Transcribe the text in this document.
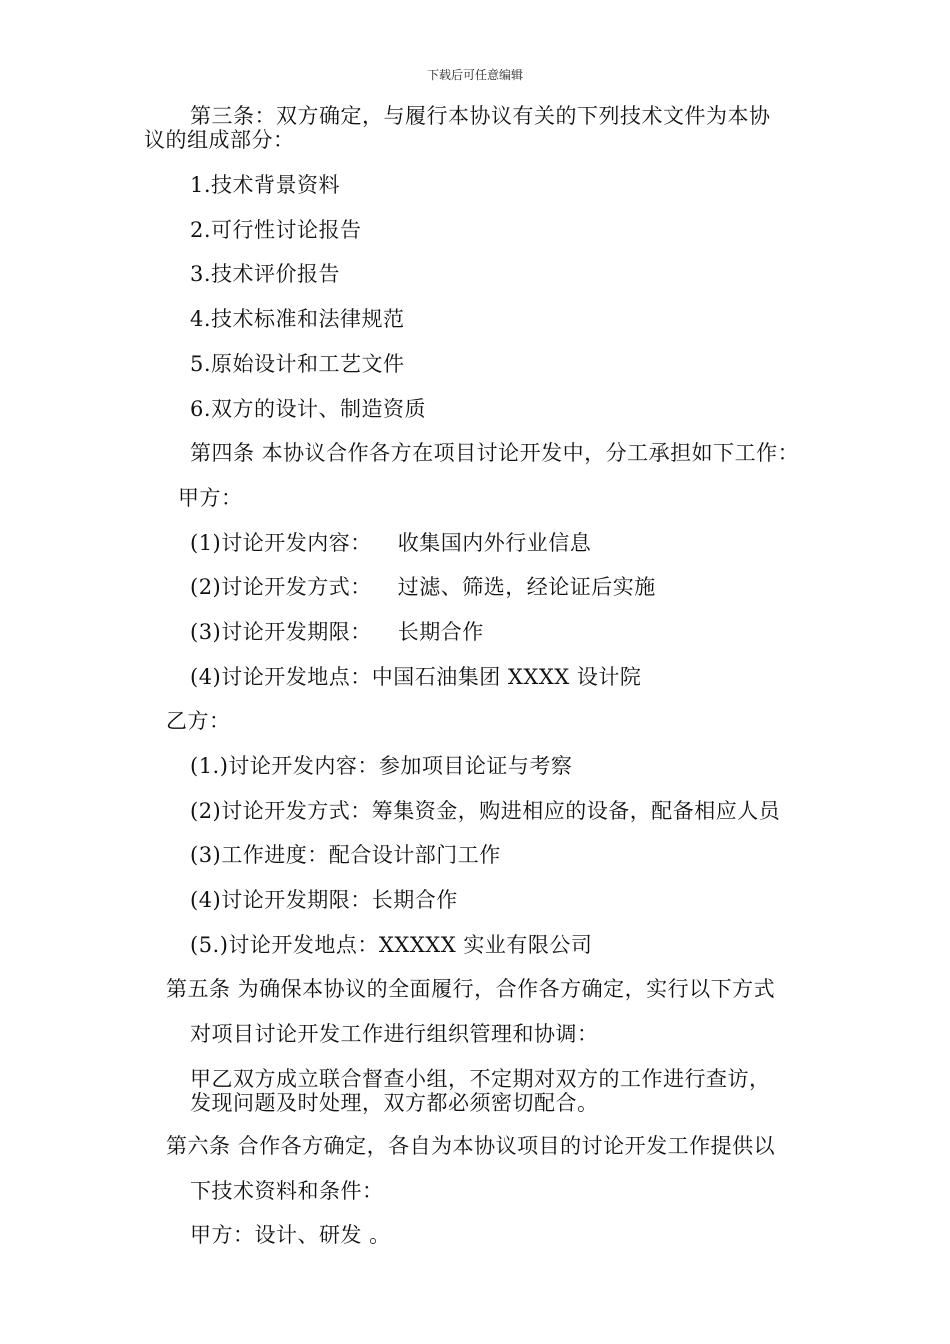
下载后可任意编辑
第三条：双方确定，与履行本协议有关的下列技术文件为本协
议的组成部分：
1.技术背景资料
2.可行性讨论报告
3.技术评价报告
4.技术标准和法律规范
5.原始设计和工艺文件
6.双方的设计、制造资质
第四条 本协议合作各方在项目讨论开发中，分工承担如下工作：
甲方：
(1)讨论开发内容： 收集国内外行业信息
(2)讨论开发方式： 过滤、筛选，经论证后实施
(3)讨论开发期限： 长期合作
(4)讨论开发地点：中国石油集团 XXXX 设计院
乙方：
(1.)讨论开发内容：参加项目论证与考察
(2)讨论开发方式：筹集资金，购进相应的设备，配备相应人员
(3)工作进度：配合设计部门工作
(4)讨论开发期限：长期合作
(5.)讨论开发地点：XXXXX 实业有限公司
第五条 为确保本协议的全面履行，合作各方确定，实行以下方式
对项目讨论开发工作进行组织管理和协调：
甲乙双方成立联合督查小组，不定期对双方的工作进行查访，
发现问题及时处理，双方都必须密切配合。
第六条 合作各方确定，各自为本协议项目的讨论开发工作提供以
下技术资料和条件：
甲方：设计、研发 。
